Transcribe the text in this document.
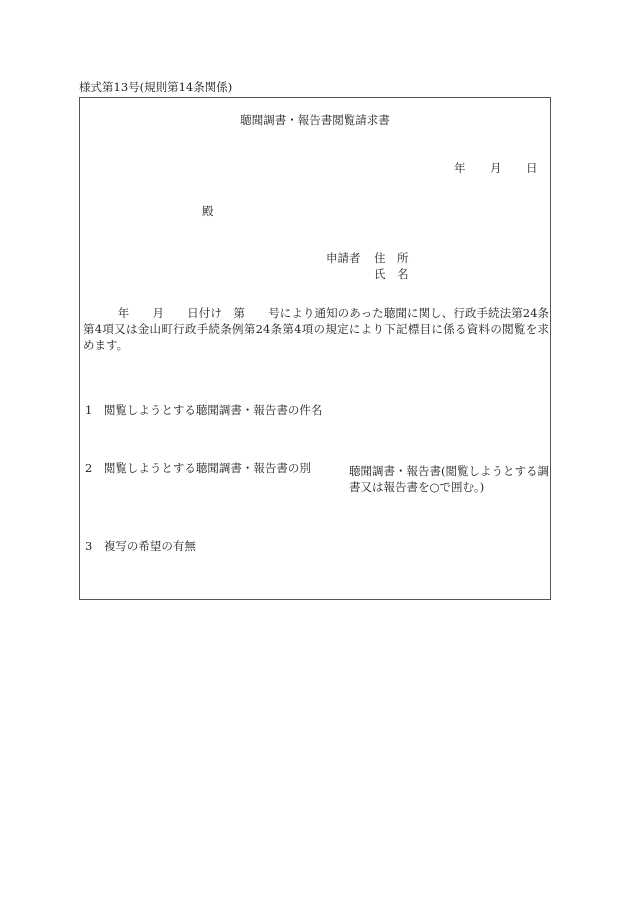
様式第13号(規則第14条関係)
聴聞調書・報告書閲覧請求書
年 月 日
殿
申請者 住　所
氏　名
　　　年　　月　　日付け　第　　号により通知のあった聴聞に関し、行政手続法第24条第4項又は金山町行政手続条例第24条第4項の規定により下記標目に係る資料の閲覧を求めます。
1　閲覧しようとする聴聞調書・報告書の件名
2　閲覧しようとする聴聞調書・報告書の別	聴聞調書・報告書(閲覧しようとする調書又は報告書を○で囲む。)
3　複写の希望の有無
